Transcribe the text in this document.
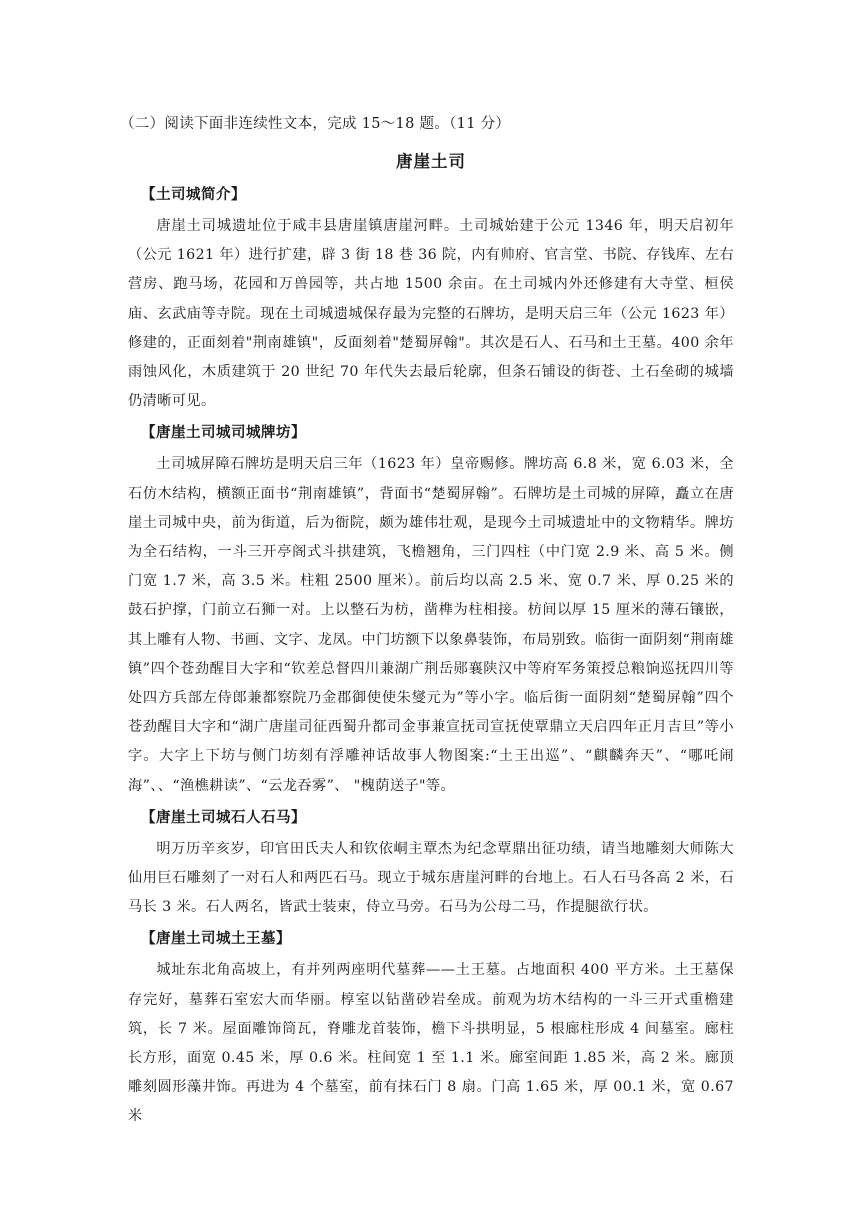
（二）阅读下面非连续性文本，完成 15～18 题。（11 分）

唐崖土司
【土司城简介】

唐崖土司城遗址位于咸丰县唐崖镇唐崖河畔。土司城始建于公元 1346 年，明天启初年（公元 1621 年）进行扩建，辟 3 街 18 巷 36 院，内有帅府、官言堂、书院、存钱库、左右营房、跑马场，花园和万兽园等，共占地 1500 余亩。在土司城内外还修建有大寺堂、桓侯庙、玄武庙等寺院。现在土司城遗城保存最为完整的石牌坊，是明天启三年（公元 1623 年）修建的，正面刻着"荆南雄镇"，反面刻着"楚蜀屏翰"。其次是石人、石马和土王墓。400 余年雨蚀风化，木质建筑于 20 世纪 70 年代失去最后轮廓，但条石铺设的街苍、土石垒砌的城墙仍清晰可见。

【唐崖土司城司城牌坊】

土司城屏障石牌坊是明天启三年（1623 年）皇帝赐修。牌坊高 6.8 米，宽 6.03 米，全石仿木结构，横额正面书“荆南雄镇”，背面书“楚蜀屏翰”。石牌坊是土司城的屏障，矗立在唐崖土司城中央，前为街道，后为衙院，颇为雄伟壮观，是现今土司城遗址中的文物精华。牌坊为全石结构，一斗三开亭阁式斗拱建筑，飞檐翘角，三门四柱（中门宽 2.9 米、高 5 米。侧门宽 1.7 米，高 3.5 米。柱粗 2500 厘米）。前后均以高 2.5 米、宽 0.7 米、厚 0.25 米的鼓石护撑，门前立石狮一对。上以整石为枋，凿榫为柱相接。枋间以厚 15 厘米的薄石镶嵌，其上雕有人物、书画、文字、龙凤。中门坊额下以象鼻装饰，布局别致。临街一面阴刻“荆南雄镇”四个苍劲醒目大字和“钦差总督四川兼湖广荆岳郧襄陕汉中等府军务策授总粮饷巡抚四川等处四方兵部左侍郎兼都察院乃金郡御使使朱燮元为”等小字。临后街一面阴刻“楚蜀屏翰”四个苍劲醒目大字和“湖广唐崖司征西蜀升都司金事兼宣抚司宣抚使覃鼎立天启四年正月吉旦”等小字。大字上下坊与侧门坊刻有浮雕神话故事人物图案:“土王出巡”、“麒麟奔天”、“哪吒闹海”、、“渔樵耕读”、“云龙吞雾”、 "槐荫送子"等。

【唐崖土司城石人石马】

明万历辛亥岁，印官田氏夫人和钦依峒主覃杰为纪念覃鼎出征功绩，请当地雕刻大师陈大仙用巨石雕刻了一对石人和两匹石马。现立于城东唐崖河畔的台地上。石人石马各高 2 米，石马长 3 米。石人两名，皆武士装束，侍立马旁。石马为公母二马，作提腿欲行状。

【唐崖土司城土王墓】

城址东北角高坡上，有并列两座明代墓葬——土王墓。占地面积 400 平方米。土王墓保存完好，墓葬石室宏大而华丽。椁室以钻凿砂岩垒成。前观为坊木结构的一斗三开式重檐建筑，长 7 米。屋面雕饰筒瓦，脊雕龙首装饰，檐下斗拱明显，5 根廊柱形成 4 间墓室。廊柱长方形，面宽 0.45 米，厚 0.6 米。柱间宽 1 至 1.1 米。廊室间距 1.85 米，高 2 米。廊顶雕刻圆形藻井饰。再进为 4 个墓室，前有抹石门 8 扇。门高 1.65 米，厚 00.1 米，宽 0.67 米
